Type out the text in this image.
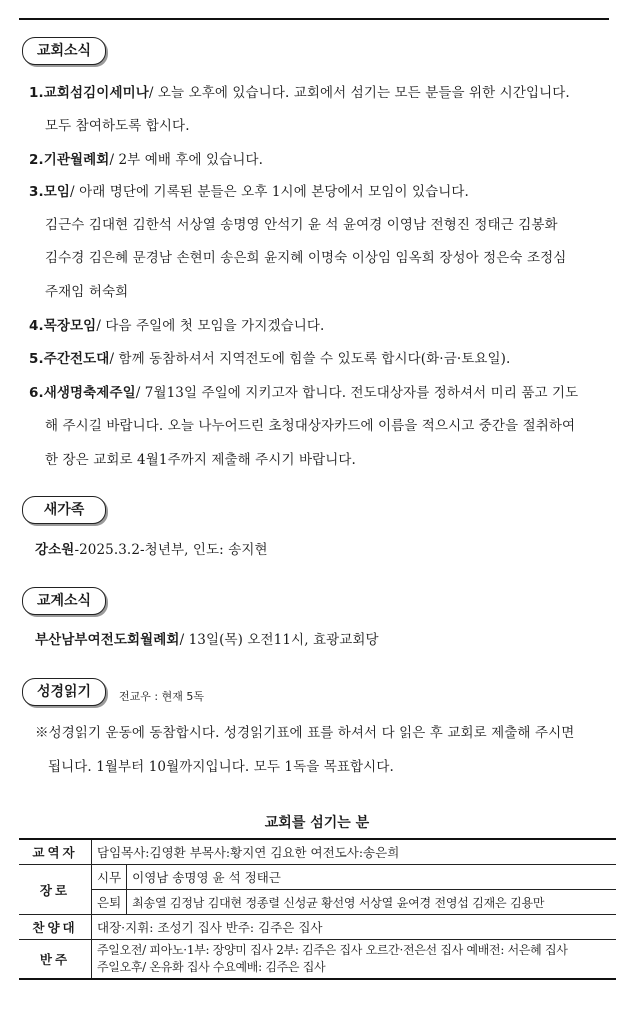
교회소식
1.교회섬김이세미나/ 오늘 오후에 있습니다. 교회에서 섬기는 모든 분들을 위한 시간입니다.
모두 참여하도록 합시다.
2.기관월례회/ 2부 예배 후에 있습니다.
3.모임/ 아래 명단에 기록된 분들은 오후 1시에 본당에서 모임이 있습니다.
김근수 김대현 김한석 서상열 송명영 안석기 윤 석 윤여경 이영남 전형진 정태근 김봉화
김수경 김은혜 문경남 손현미 송은희 윤지혜 이명숙 이상임 임옥희 장성아 정은숙 조정심
주재임 허숙희
4.목장모임/ 다음 주일에 첫 모임을 가지겠습니다.
5.주간전도대/ 함께 동참하셔서 지역전도에 힘쓸 수 있도록 합시다(화·금·토요일).
6.새생명축제주일/ 7월13일 주일에 지키고자 합니다. 전도대상자를 정하셔서 미리 품고 기도
해 주시길 바랍니다. 오늘 나누어드린 초청대상자카드에 이름을 적으시고 중간을 절취하여
한 장은 교회로 4월1주까지 제출해 주시기 바랍니다.
새가족
강소원-2025.3.2-청년부, 인도: 송지현
교계소식
부산남부여전도회월례회/ 13일(목) 오전11시, 효광교회당
성경읽기	전교우 : 현재 5독
※성경읽기 운동에 동참합시다. 성경읽기표에 표를 하셔서 다 읽은 후 교회로 제출해 주시면
됩니다. 1월부터 10월까지입니다. 모두 1독을 목표합시다.
교회를 섬기는 분
교역자	담임목사:김영환 부목사:황지연 김요한 여전도사:송은희	
장로	시무	이영남 송명영 윤 석 정태근
	은퇴	최송열 김정남 김대현 정종렬 신성균 황선영 서상열 윤여경 전영섭 김재은 김용만
찬양대	대장·지휘: 조성기 집사 반주: 김주은 집사	
반주	주일오전/ 피아노·1부: 장양미 집사 2부: 김주은 집사 오르간·전은선 집사 예배전: 서은혜 집사
주일오후/ 온유화 집사 수요예배: 김주은 집사	
